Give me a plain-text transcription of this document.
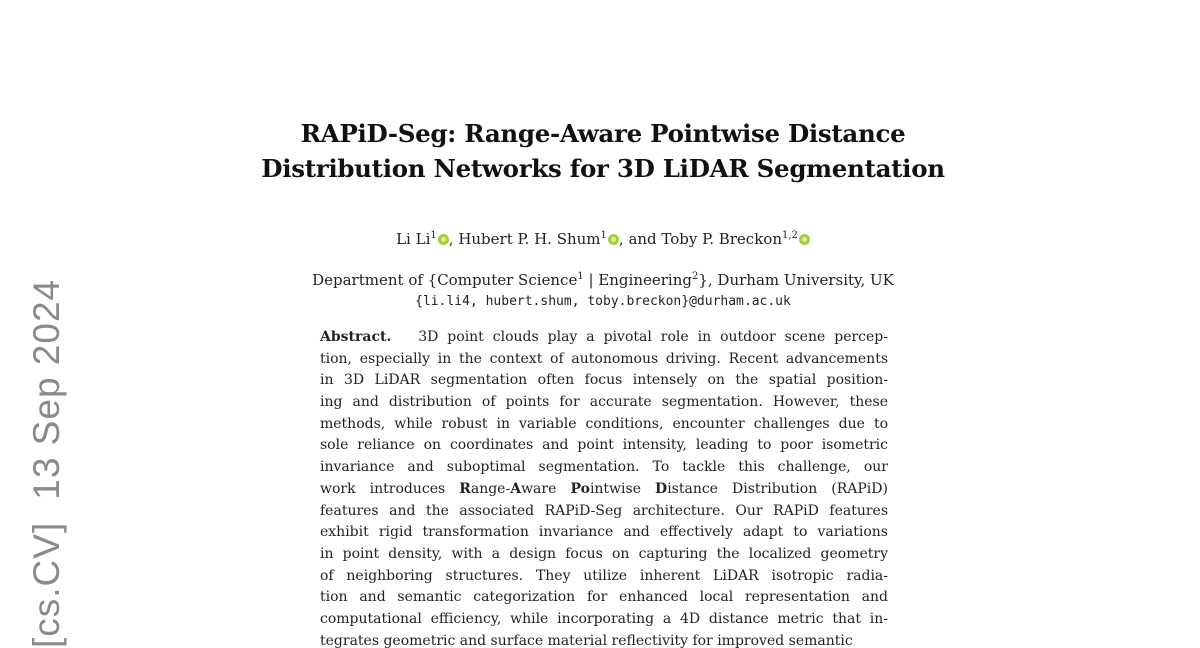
[cs.CV]13 Sep 2024
RAPiD-Seg: Range-Aware Pointwise Distance
Distribution Networks for 3D LiDAR Segmentation
Li Li$^1$ , Hubert P. H. Shum$^1$ , and Toby P. Breckon$^{1,2}$
Department of {Computer Science$^1$ | Engineering$^2$}, Durham University, UK
{li.li4, hubert.shum, toby.breckon}@durham.ac.uk
Abstract. 3D point clouds play a pivotal role in outdoor scene percep-
tion, especially in the context of autonomous driving. Recent advancements
in 3D LiDAR segmentation often focus intensely on the spatial position-
ing and distribution of points for accurate segmentation. However, these
methods, while robust in variable conditions, encounter challenges due to
sole reliance on coordinates and point intensity, leading to poor isometric
invariance and suboptimal segmentation. To tackle this challenge, our
work introduces Range-Aware Pointwise Distance Distribution (RAPiD)
features and the associated RAPiD-Seg architecture. Our RAPiD features
exhibit rigid transformation invariance and effectively adapt to variations
in point density, with a design focus on capturing the localized geometry
of neighboring structures. They utilize inherent LiDAR isotropic radia-
tion and semantic categorization for enhanced local representation and
computational efficiency, while incorporating a 4D distance metric that in-
tegrates geometric and surface material reflectivity for improved semantic
